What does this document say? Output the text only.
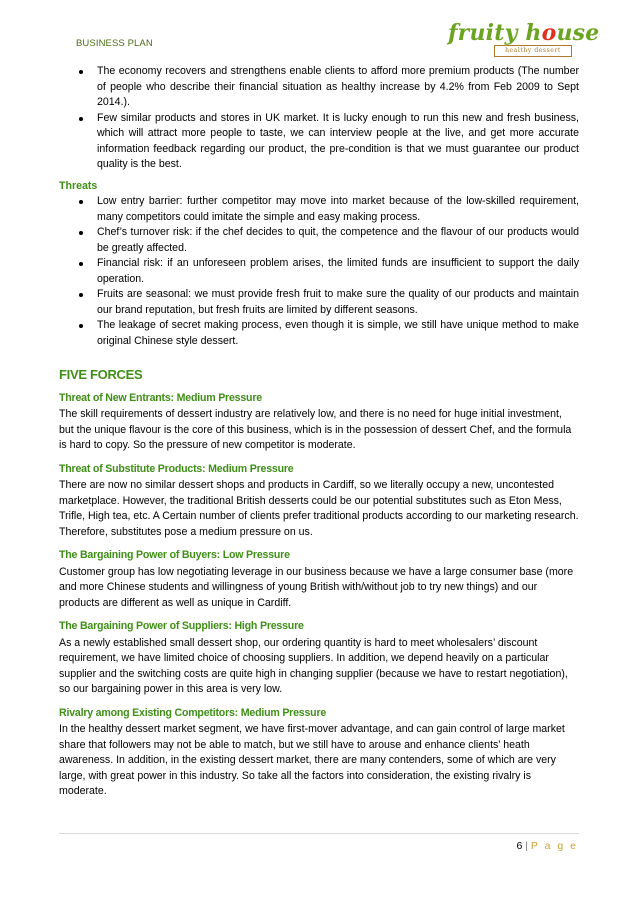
BUSINESS PLAN	fruity house
healthy dessert
The economy recovers and strengthens enable clients to afford more premium products (The number of people who describe their financial situation as healthy increase by 4.2% from Feb 2009 to Sept 2014.).
Few similar products and stores in UK market. It is lucky enough to run this new and fresh business, which will attract more people to taste, we can interview people at the live, and get more accurate information feedback regarding our product, the pre-condition is that we must guarantee our product quality is the best.
Threats
Low entry barrier: further competitor may move into market because of the low-skilled requirement, many competitors could imitate the simple and easy making process.
Chef’s turnover risk: if the chef decides to quit, the competence and the flavour of our products would be greatly affected.
Financial risk: if an unforeseen problem arises, the limited funds are insufficient to support the daily operation.
Fruits are seasonal: we must provide fresh fruit to make sure the quality of our products and maintain our brand reputation, but fresh fruits are limited by different seasons.
The leakage of secret making process, even though it is simple, we still have unique method to make original Chinese style dessert.
FIVE FORCES
Threat of New Entrants: Medium Pressure
The skill requirements of dessert industry are relatively low, and there is no need for huge initial investment, but the unique flavour is the core of this business, which is in the possession of dessert Chef, and the formula is hard to copy. So the pressure of new competitor is moderate.
Threat of Substitute Products: Medium Pressure
There are now no similar dessert shops and products in Cardiff, so we literally occupy a new, uncontested marketplace. However, the traditional British desserts could be our potential substitutes such as Eton Mess, Trifle, High tea, etc. A Certain number of clients prefer traditional products according to our marketing research. Therefore, substitutes pose a medium pressure on us.
The Bargaining Power of Buyers: Low Pressure
Customer group has low negotiating leverage in our business because we have a large consumer base (more and more Chinese students and willingness of young British with/without job to try new things) and our products are different as well as unique in Cardiff.
The Bargaining Power of Suppliers: High Pressure
As a newly established small dessert shop, our ordering quantity is hard to meet wholesalers’ discount requirement, we have limited choice of choosing suppliers. In addition, we depend heavily on a particular supplier and the switching costs are quite high in changing supplier (because we have to restart negotiation), so our bargaining power in this area is very low.
Rivalry among Existing Competitors: Medium Pressure
In the healthy dessert market segment, we have first-mover advantage, and can gain control of large market share that followers may not be able to match, but we still have to arouse and enhance clients’ heath awareness. In addition, in the existing dessert market, there are many contenders, some of which are very large, with great power in this industry. So take all the factors into consideration, the existing rivalry is moderate.
6 | P a g e
